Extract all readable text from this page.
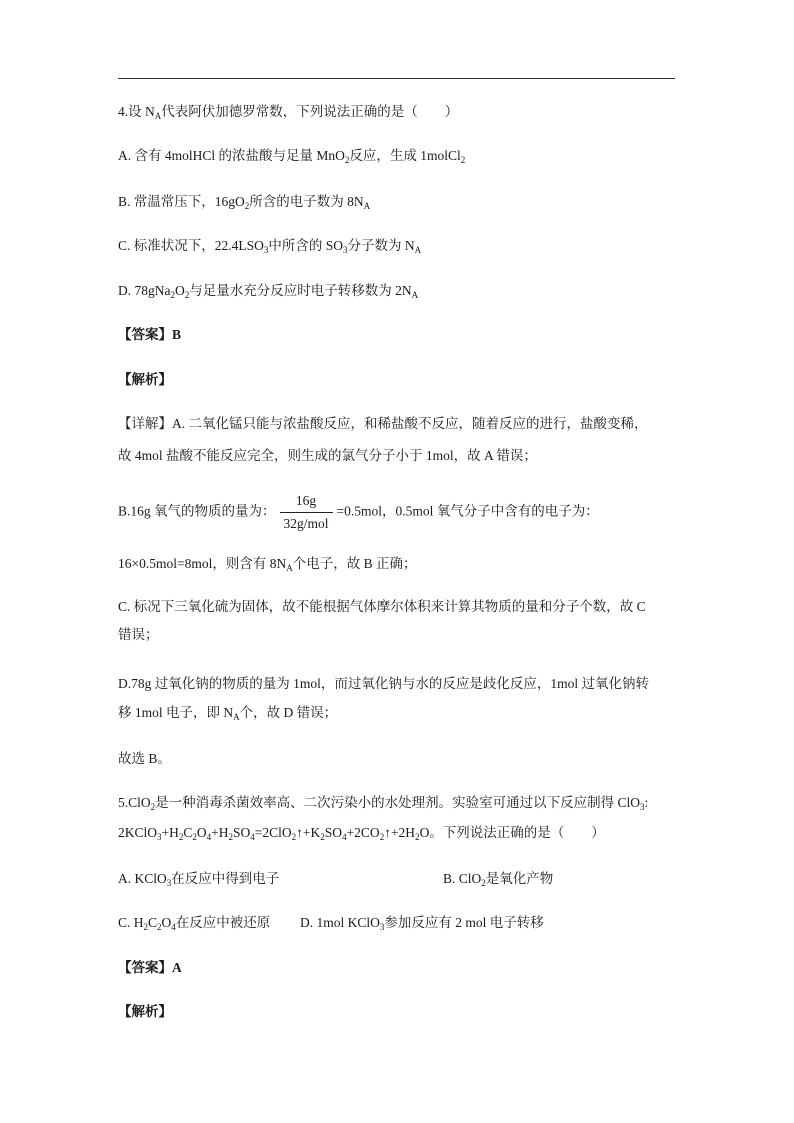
4.设 $N_A$代表阿伏加德罗常数，下列说法正确的是（　　）
A. 含有 4molHCl 的浓盐酸与足量 MnO$_2$反应，生成 1molCl$_2$
B. 常温常压下，$16gO_2$所含的电子数为 $8N_A$
C. 标准状况下，$22.4LSO_3$中所含的 $SO_3$分子数为 $N_A$
D. $78gNa_2O_2$与足量水充分反应时电子转移数为 $2N_A$
【答案】B
【解析】
【详解】A. 二氧化锰只能与浓盐酸反应，和稀盐酸不反应，随着反应的进行，盐酸变稀，
故 4mol 盐酸不能反应完全，则生成的氯气分子小于 1mol，故 A 错误；
B.16g 氧气的物质的量为： $\frac{16g}{\text{32g/mol}} =0.5mol$，0.5mol 氧气分子中含有的电子为：
16×0.5mol=8mol，则含有 $8N_A$个电子，故 B 正确；
C. 标况下三氧化硫为固体，故不能根据气体摩尔体积来计算其物质的量和分子个数，故 C
错误；
D.78g 过氧化钠的物质的量为 1mol，而过氧化钠与水的反应是歧化反应，1mol 过氧化钠转
移 1mol 电子，即 $N_A$个，故 D 错误；
故选 B。
5.ClO$_2$是一种消毒杀菌效率高、二次污染小的水处理剂。实验室可通过以下反应制得 ClO$_3$:
$2KClO_3+H_2C_2O_4+H_2SO_4=2ClO_2↑+K_2SO_4+2CO_2↑+2H_2O$。下列说法正确的是（　　）
A. KClO$_3$在反应中得到电子	B. ClO$_2$是氧化产物
C. $H_2C_2O_4$在反应中被还原 D. 1mol KClO$_3$参加反应有 2 mol 电子转移
【答案】A
【解析】
